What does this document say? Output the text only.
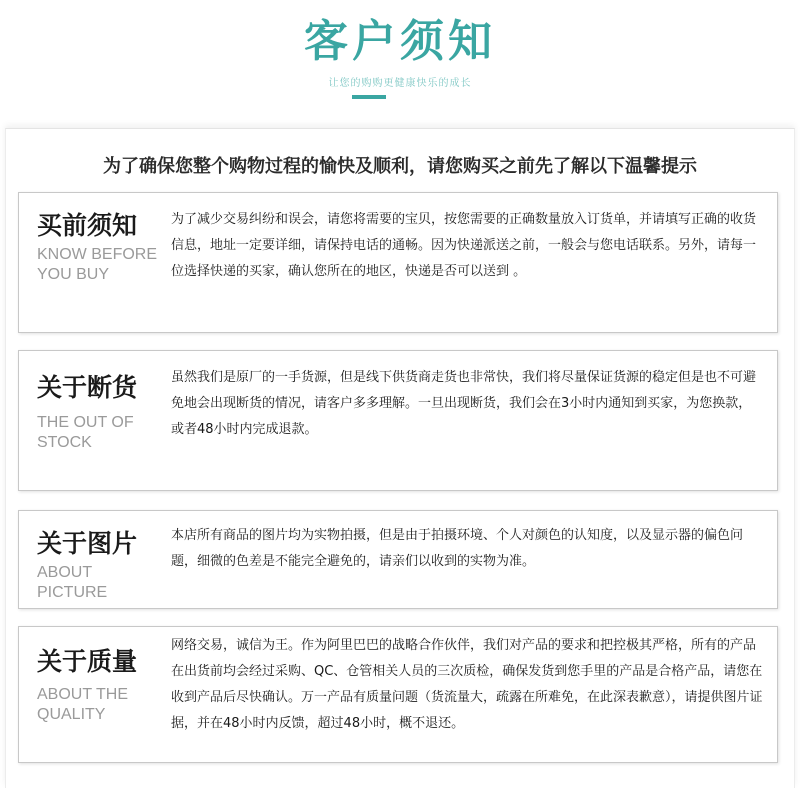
客户须知
让您的购购更健康快乐的成长
为了确保您整个购物过程的愉快及顺利，请您购买之前先了解以下温馨提示
买前须知
KNOW BEFORE
YOU BUY
为了减少交易纠纷和误会，请您将需要的宝贝，按您需要的正确数量放入订货单，并请填写正确的收货信息，地址一定要详细，请保持电话的通畅。因为快递派送之前，一般会与您电话联系。另外，请每一位选择快递的买家，确认您所在的地区，快递是否可以送到 。
关于断货
THE OUT OF
STOCK
虽然我们是原厂的一手货源，但是线下供货商走货也非常快，我们将尽量保证货源的稳定但是也不可避免地会出现断货的情况，请客户多多理解。一旦出现断货，我们会在3小时内通知到买家，为您换款，或者48小时内完成退款。
关于图片
ABOUT
PICTURE
本店所有商品的图片均为实物拍摄，但是由于拍摄环境、个人对颜色的认知度，以及显示器的偏色问题，细微的色差是不能完全避免的，请亲们以收到的实物为准。
关于质量
ABOUT THE
QUALITY
网络交易，诚信为王。作为阿里巴巴的战略合作伙伴，我们对产品的要求和把控极其严格，所有的产品在出货前均会经过采购、QC、仓管相关人员的三次质检，确保发货到您手里的产品是合格产品，请您在收到产品后尽快确认。万一产品有质量问题（货流量大，疏露在所难免，在此深表歉意），请提供图片证据，并在48小时内反馈，超过48小时，概不退还。
